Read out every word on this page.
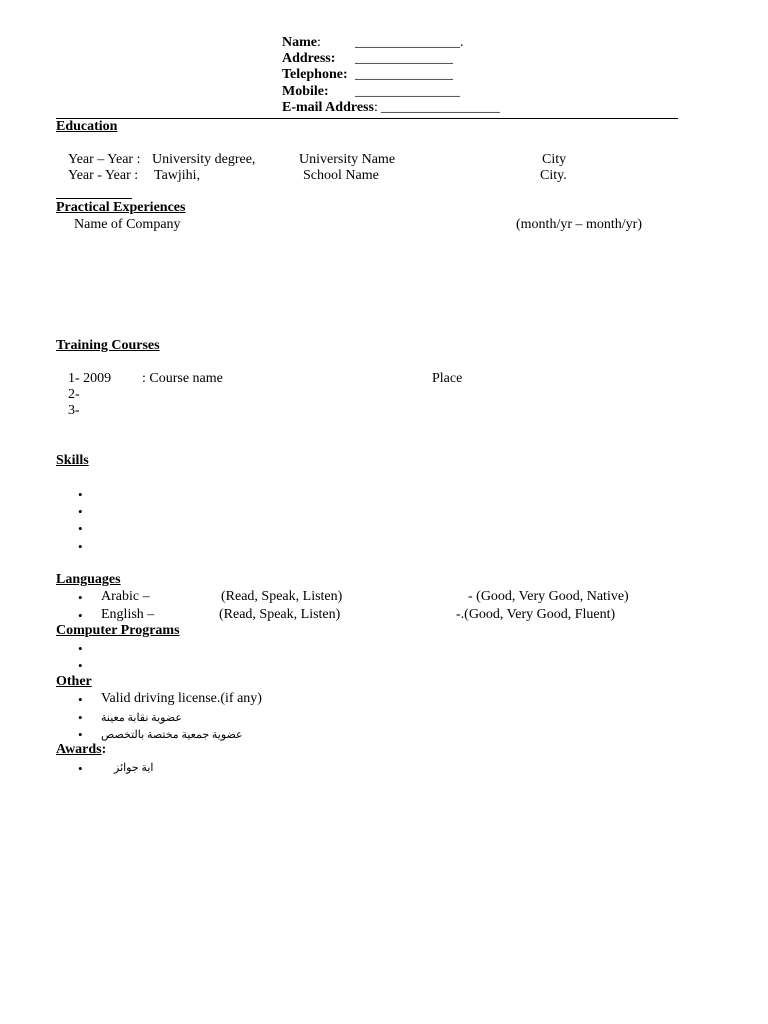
Name: _______________.
Address: ______________
Telephone: ______________
Mobile: _______________
E-mail Address: _________________
Education
Year – Year : University degree,	University Name	City
Year - Year : Tawjihi,	School Name	City.
Practical Experiences
Name of Company	(month/yr – month/yr)
Training Courses
1- 2009 : Course name	Place
2-
3-
Skills
•
•
•
•
Languages
• Arabic –	(Read, Speak, Listen)	- (Good, Very Good, Native)
• English –	(Read, Speak, Listen)	-.(Good, Very Good, Fluent)
Computer Programs
•
•
Other
• Valid driving license.(if any)
• عضوية نقابة معينة
• عضوية جمعية مختصة بالتخصص
Awards:
•	اية جوائز
